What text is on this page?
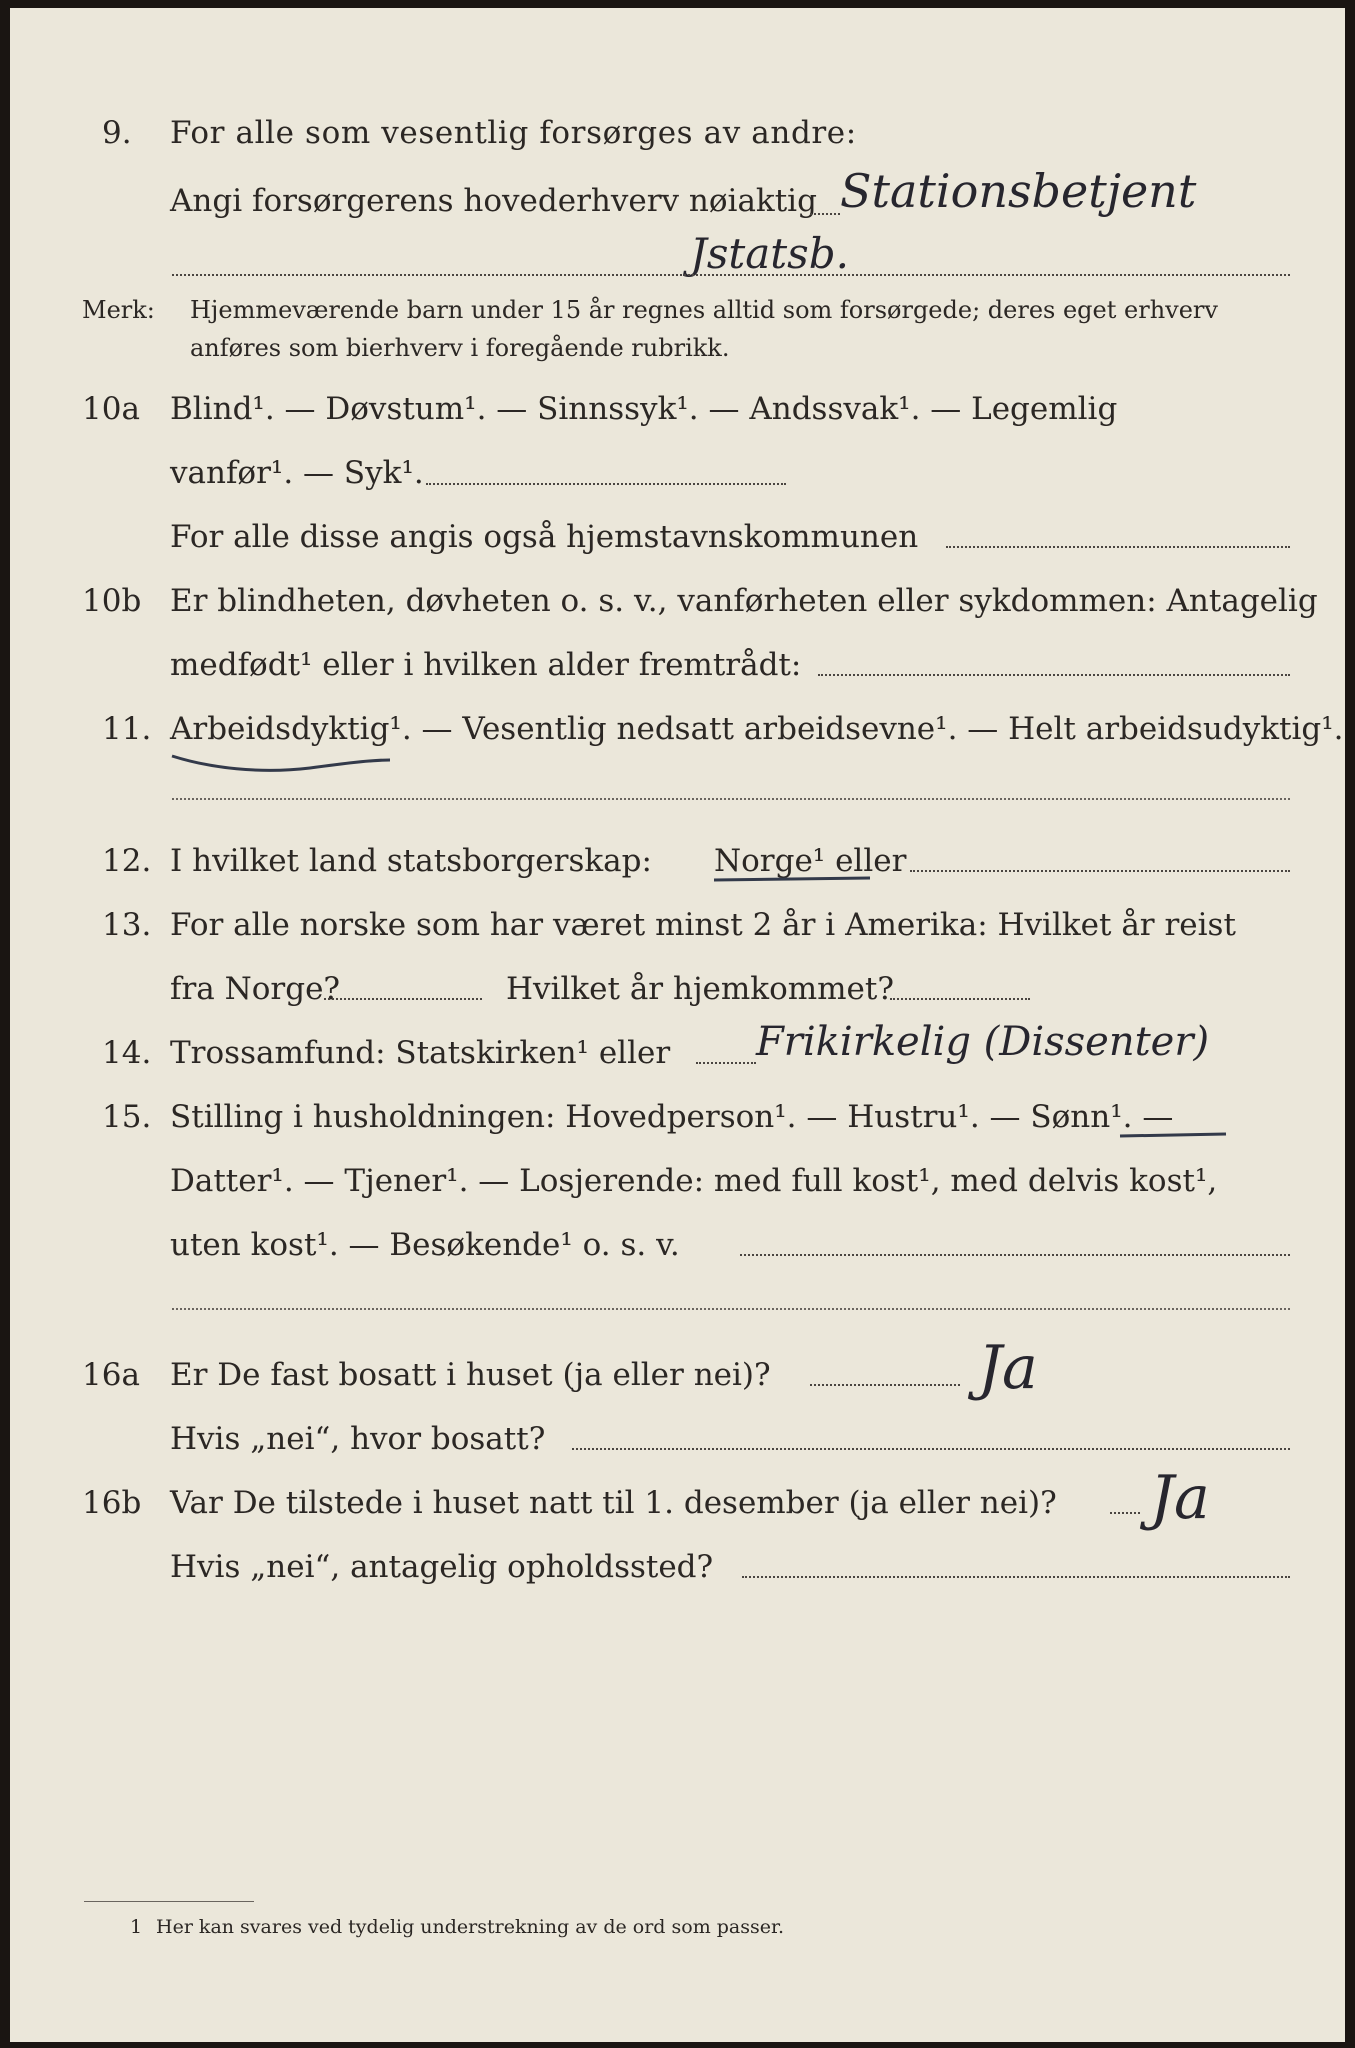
9. For alle som vesentlig forsørges av andre:
Angi forsørgerens hovederhverv nøiaktig Stationsbetjent
Jstatsb.
Merk: Hjemmeværende barn under 15 år regnes alltid som forsørgede; deres eget erhverv
anføres som bierhverv i foregående rubrikk.
10a Blind¹. — Døvstum¹. — Sinnssyk¹. — Andssvak¹. — Legemlig
vanfør¹. — Syk¹.
For alle disse angis også hjemstavnskommunen
10b Er blindheten, døvheten o. s. v., vanførheten eller sykdommen: Antagelig
medfødt¹ eller i hvilken alder fremtrådt:
11. Arbeidsdyktig¹. — Vesentlig nedsatt arbeidsevne¹. — Helt arbeidsudyktig¹.
12. I hvilket land statsborgerskap: Norge¹ eller
13. For alle norske som har været minst 2 år i Amerika: Hvilket år reist
fra Norge?	Hvilket år hjemkommet?
14. Trossamfund: Statskirken¹ eller Frikirkelig (Dissenter)
15. Stilling i husholdningen: Hovedperson¹. — Hustru¹. — Sønn¹. —
Datter¹. — Tjener¹. — Losjerende: med full kost¹, med delvis kost¹,
uten kost¹. — Besøkende¹ o. s. v.
16a Er De fast bosatt i huset (ja eller nei)?	Ja
Hvis „nei“, hvor bosatt?
16b Var De tilstede i huset natt til 1. desember (ja eller nei)? Ja
Hvis „nei“, antagelig opholdssted?
1 Her kan svares ved tydelig understrekning av de ord som passer.
